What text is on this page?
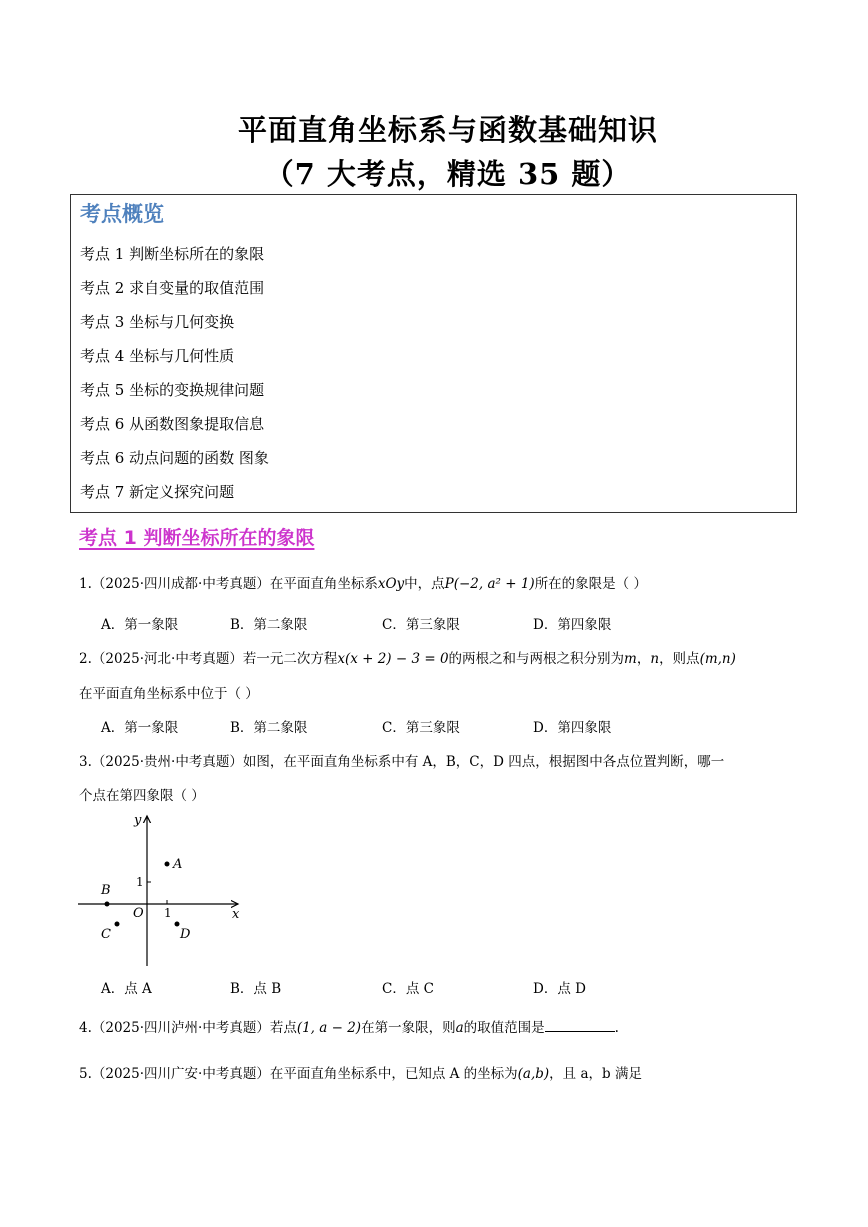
平面直角坐标系与函数基础知识
（7 大考点，精选 35 题）
考点概览
考点 1 判断坐标所在的象限
考点 2 求自变量的取值范围
考点 3 坐标与几何变换
考点 4 坐标与几何性质
考点 5 坐标的变换规律问题
考点 6 从函数图象提取信息
考点 6 动点问题的函数 图象
考点 7 新定义探究问题
考点 1 判断坐标所在的象限
1.（2025·四川成都·中考真题）在平面直角坐标系xOy中，点P(−2, a² + 1)所在的象限是（ ）
A．第一象限	B．第二象限	C．第三象限	D．第四象限
2.（2025·河北·中考真题）若一元二次方程x(x + 2) − 3 = 0的两根之和与两根之积分别为m，n，则点(m,n)
在平面直角坐标系中位于（ ）
A．第一象限	B．第二象限	C．第三象限	D．第四象限
3.（2025·贵州·中考真题）如图，在平面直角坐标系中有 A，B，C，D 四点，根据图中各点位置判断，哪一
个点在第四象限（ ）
x
y
O 1
1
A
B
C	D
A．点 A	B．点 B	C．点 C	D．点 D
4.（2025·四川泸州·中考真题）若点(1, a − 2)在第一象限，则a的取值范围是	.
5.（2025·四川广安·中考真题）在平面直角坐标系中，已知点 A 的坐标为(a,b)，且 a，b 满足
